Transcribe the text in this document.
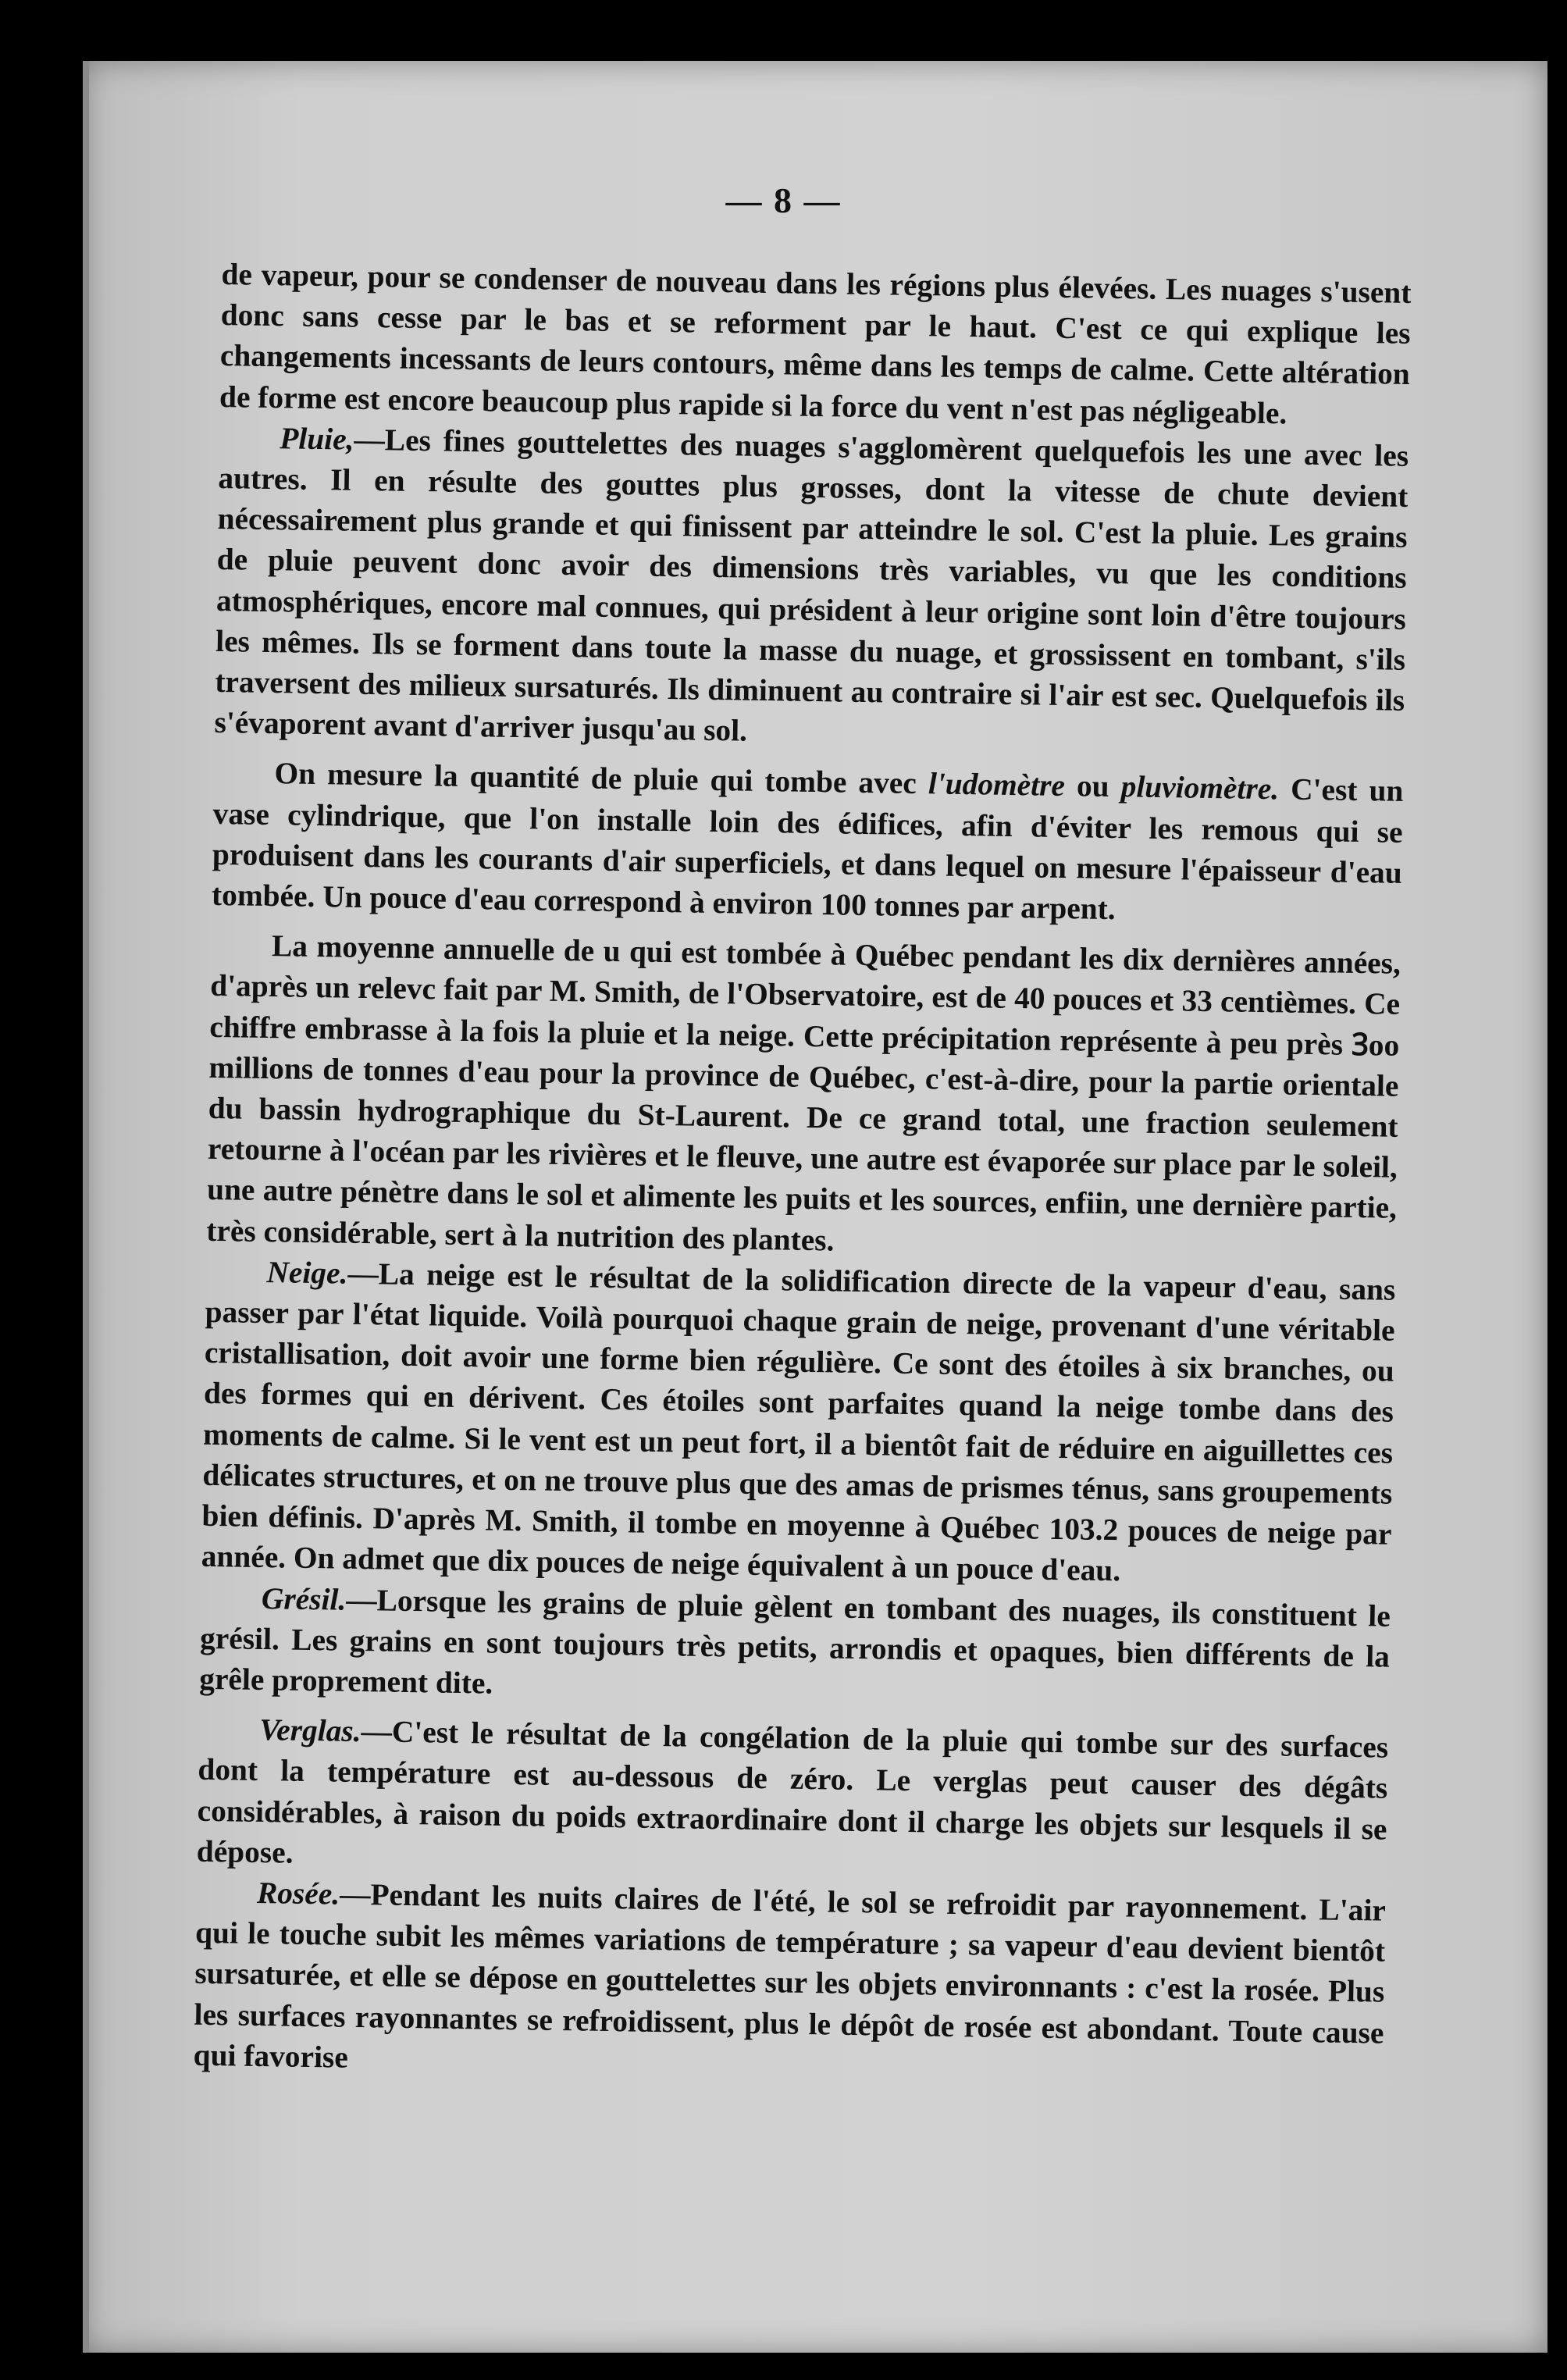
— 8 —

de vapeur, pour se condenser de nouveau dans les régions plus élevées. Les nuages s'usent donc sans cesse par le bas et se reforment par le haut. C'est ce qui explique les changements incessants de leurs contours, même dans les temps de calme. Cette altération de forme est encore beaucoup plus rapide si la force du vent n'est pas négligeable.

Pluie,—Les fines gouttelettes des nuages s'agglomèrent quelquefois les une avec les autres. Il en résulte des gouttes plus grosses, dont la vitesse de chute devient nécessairement plus grande et qui finissent par atteindre le sol. C'est la pluie. Les grains de pluie peuvent donc avoir des dimensions très variables, vu que les conditions atmosphériques, encore mal connues, qui président à leur origine sont loin d'être toujours les mêmes. Ils se forment dans toute la masse du nuage, et grossissent en tombant, s'ils traversent des milieux sursaturés. Ils diminuent au contraire si l'air est sec. Quelquefois ils s'évaporent avant d'arriver jusqu'au sol.

On mesure la quantité de pluie qui tombe avec l'udomètre ou pluviomètre. C'est un vase cylindrique, que l'on installe loin des édifices, afin d'éviter les remous qui se produisent dans les courants d'air superficiels, et dans lequel on mesure l'épaisseur d'eau tombée. Un pouce d'eau correspond à environ 100 tonnes par arpent.

La moyenne annuelle de u qui est tombée à Québec pendant les dix dernières années, d'après un relevc fait par M. Smith, de l'Observatoire, est de 40 pouces et 33 centièmes. Ce chiffre embrasse à la fois la pluie et la neige. Cette précipitation représente à peu près Ꝫoo millions de tonnes d'eau pour la province de Québec, c'est-à-dire, pour la partie orientale du bassin hydrographique du St-Laurent. De ce grand total, une fraction seulement retourne à l'océan par les rivières et le fleuve, une autre est évaporée sur place par le soleil, une autre pénètre dans le sol et alimente les puits et les sources, enfiin, une dernière partie, très considérable, sert à la nutrition des plantes.

Neige.—La neige est le résultat de la solidification directe de la vapeur d'eau, sans passer par l'état liquide. Voilà pourquoi chaque grain de neige, provenant d'une véritable cristallisation, doit avoir une forme bien régulière. Ce sont des étoiles à six branches, ou des formes qui en dérivent. Ces étoiles sont parfaites quand la neige tombe dans des moments de calme. Si le vent est un peut fort, il a bientôt fait de réduire en aiguillettes ces délicates structures, et on ne trouve plus que des amas de prismes ténus, sans groupements bien définis. D'après M. Smith, il tombe en moyenne à Québec 103.2 pouces de neige par année. On admet que dix pouces de neige équivalent à un pouce d'eau.

Grésil.—Lorsque les grains de pluie gèlent en tombant des nuages, ils constituent le grésil. Les grains en sont toujours très petits, arrondis et opaques, bien différents de la grêle proprement dite.

Verglas.—C'est le résultat de la congélation de la pluie qui tombe sur des surfaces dont la température est au-dessous de zéro. Le verglas peut causer des dégâts considérables, à raison du poids extraordinaire dont il charge les objets sur lesquels il se dépose.

Rosée.—Pendant les nuits claires de l'été, le sol se refroidit par rayonnement. L'air qui le touche subit les mêmes variations de température ; sa vapeur d'eau devient bientôt sursaturée, et elle se dépose en gouttelettes sur les objets environnants : c'est la rosée. Plus les surfaces rayonnantes se refroidissent, plus le dépôt de rosée est abondant. Toute cause qui favorise
